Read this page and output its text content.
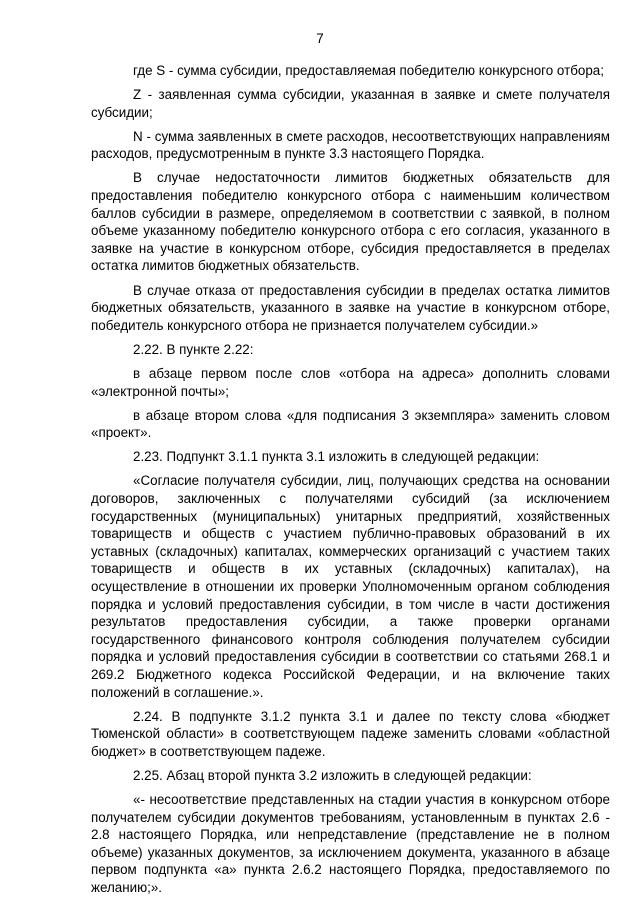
7

где S - сумма субсидии, предоставляемая победителю конкурсного отбора;

Z - заявленная сумма субсидии, указанная в заявке и смете получателя субсидии;

N - сумма заявленных в смете расходов, несоответствующих направлениям расходов, предусмотренным в пункте 3.3 настоящего Порядка.

В случае недостаточности лимитов бюджетных обязательств для предоставления победителю конкурсного отбора с наименьшим количеством баллов субсидии в размере, определяемом в соответствии с заявкой, в полном объеме указанному победителю конкурсного отбора с его согласия, указанного в заявке на участие в конкурсном отборе, субсидия предоставляется в пределах остатка лимитов бюджетных обязательств.

В случае отказа от предоставления субсидии в пределах остатка лимитов бюджетных обязательств, указанного в заявке на участие в конкурсном отборе, победитель конкурсного отбора не признается получателем субсидии.»

2.22. В пункте 2.22:

в абзаце первом после слов «отбора на адреса» дополнить словами «электронной почты»;

в абзаце втором слова «для подписания 3 экземпляра» заменить словом «проект».

2.23. Подпункт 3.1.1 пункта 3.1 изложить в следующей редакции:

«Согласие получателя субсидии, лиц, получающих средства на основании договоров, заключенных с получателями субсидий (за исключением государственных (муниципальных) унитарных предприятий, хозяйственных товариществ и обществ с участием публично-правовых образований в их уставных (складочных) капиталах, коммерческих организаций с участием таких товариществ и обществ в их уставных (складочных) капиталах), на осуществление в отношении их проверки Уполномоченным органом соблюдения порядка и условий предоставления субсидии, в том числе в части достижения результатов предоставления субсидии, а также проверки органами государственного финансового контроля соблюдения получателем субсидии порядка и условий предоставления субсидии в соответствии со статьями 268.1 и 269.2 Бюджетного кодекса Российской Федерации, и на включение таких положений в соглашение.».

2.24. В подпункте 3.1.2 пункта 3.1 и далее по тексту слова «бюджет Тюменской области» в соответствующем падеже заменить словами «областной бюджет» в соответствующем падеже.

2.25. Абзац второй пункта 3.2 изложить в следующей редакции:

«- несоответствие представленных на стадии участия в конкурсном отборе получателем субсидии документов требованиям, установленным в пунктах 2.6 - 2.8 настоящего Порядка, или непредставление (представление не в полном объеме) указанных документов, за исключением документа, указанного в абзаце первом подпункта «а» пункта 2.6.2 настоящего Порядка, предоставляемого по желанию;».
